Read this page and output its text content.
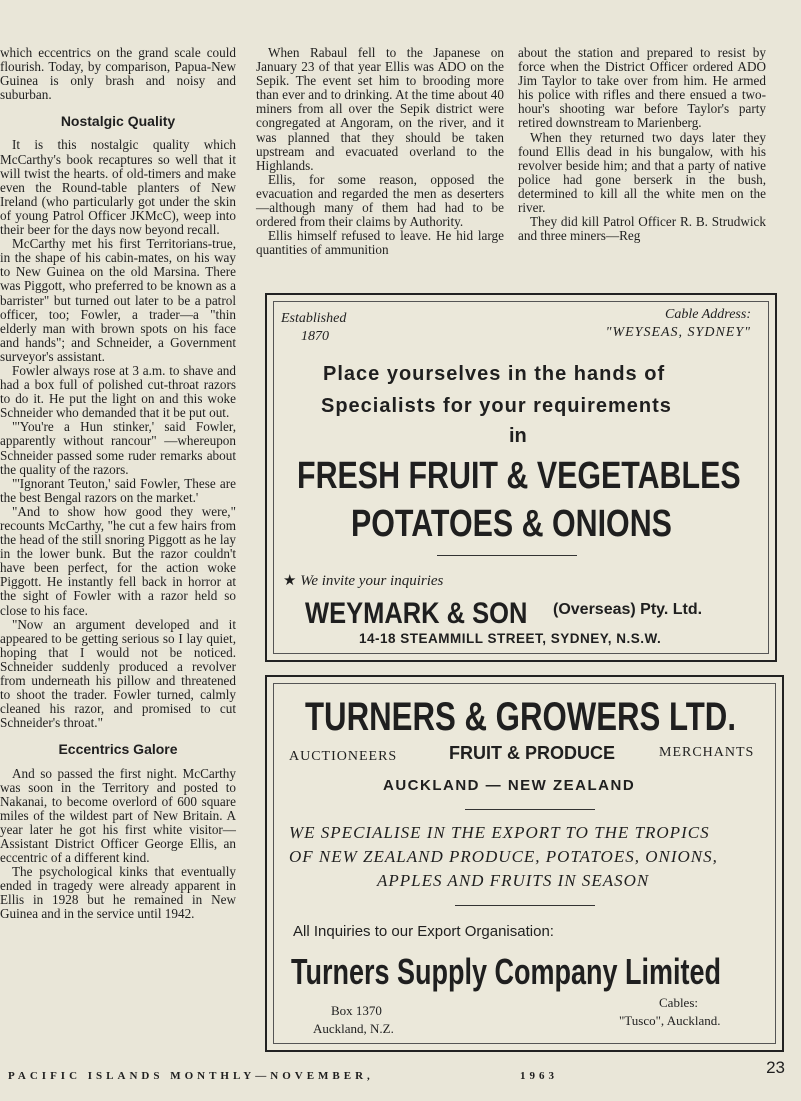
which eccentrics on the grand scale could flourish. Today, by comparison, Papua-New Guinea is only brash and noisy and suburban.

Nostalgic Quality

It is this nostalgic quality which McCarthy's book recaptures so well that it will twist the hearts. of old-timers and make even the Round-table planters of New Ireland (who particularly got under the skin of young Patrol Officer JKMcC), weep into their beer for the days now beyond recall.

McCarthy met his first Territorians-true, in the shape of his cabin-mates, on his way to New Guinea on the old Marsina. There was Piggott, who preferred to be known as a barrister" but turned out later to be a patrol officer, too; Fowler, a trader—a "thin elderly man with brown spots on his face and hands"; and Schneider, a Government surveyor's assistant.

Fowler always rose at 3 a.m. to shave and had a box full of polished cut-throat razors to do it. He put the light on and this woke Schneider who demanded that it be put out.

"'You're a Hun stinker,' said Fowler, apparently without rancour" —whereupon Schneider passed some ruder remarks about the quality of the razors.

"'Ignorant Teuton,' said Fowler, These are the best Bengal razors on the market.'

"And to show how good they were," recounts McCarthy, "he cut a few hairs from the head of the still snoring Piggott as he lay in the lower bunk. But the razor couldn't have been perfect, for the action woke Piggott. He instantly fell back in horror at the sight of Fowler with a razor held so close to his face.

"Now an argument developed and it appeared to be getting serious so I lay quiet, hoping that I would not be noticed. Schneider suddenly produced a revolver from underneath his pillow and threatened to shoot the trader. Fowler turned, calmly cleaned his razor, and promised to cut Schneider's throat."

Eccentrics Galore

And so passed the first night. McCarthy was soon in the Territory and posted to Nakanai, to become overlord of 600 square miles of the wildest part of New Britain. A year later he got his first white visitor—Assistant District Officer George Ellis, an eccentric of a different kind.

The psychological kinks that eventually ended in tragedy were already apparent in Ellis in 1928 but he remained in New Guinea and in the service until 1942.

When Rabaul fell to the Japanese on January 23 of that year Ellis was ADO on the Sepik. The event set him to brooding more than ever and to drinking. At the time about 40 miners from all over the Sepik district were congregated at Angoram, on the river, and it was planned that they should be taken upstream and evacuated overland to the Highlands.

Ellis, for some reason, opposed the evacuation and regarded the men as deserters—although many of them had had to be ordered from their claims by Authority.

Ellis himself refused to leave. He hid large quantities of ammunition

about the station and prepared to resist by force when the District Officer ordered ADO Jim Taylor to take over from him. He armed his police with rifles and there ensued a two-hour's shooting war before Taylor's party retired downstream to Marienberg.

When they returned two days later they found Ellis dead in his bungalow, with his revolver beside him; and that a party of native police had gone berserk in the bush, determined to kill all the white men on the river.

They did kill Patrol Officer R. B. Strudwick and three miners—Reg

Established
1870
Cable Address:
"WEYSEAS, SYDNEY"
Place yourselves in the hands of
Specialists for your requirements
in
FRESH FRUIT & VEGETABLES
POTATOES & ONIONS
★ We invite your inquiries
WEYMARK & SON (Overseas) Pty. Ltd.
14-18 STEAMMILL STREET, SYDNEY, N.S.W.
TURNERS & GROWERS LTD.
AUCTIONEERS	FRUIT & PRODUCE	MERCHANTS
AUCKLAND — NEW ZEALAND
WE SPECIALISE IN THE EXPORT TO THE TROPICS
OF NEW ZEALAND PRODUCE, POTATOES, ONIONS,
APPLES AND FRUITS IN SEASON
All Inquiries to our Export Organisation:
Turners Supply Company Limited
Box 1370
Auckland, N.Z.
Cables:
"Tusco", Auckland.
PACIFIC ISLANDS MONTHLY—NOVEMBER,	1963	23
